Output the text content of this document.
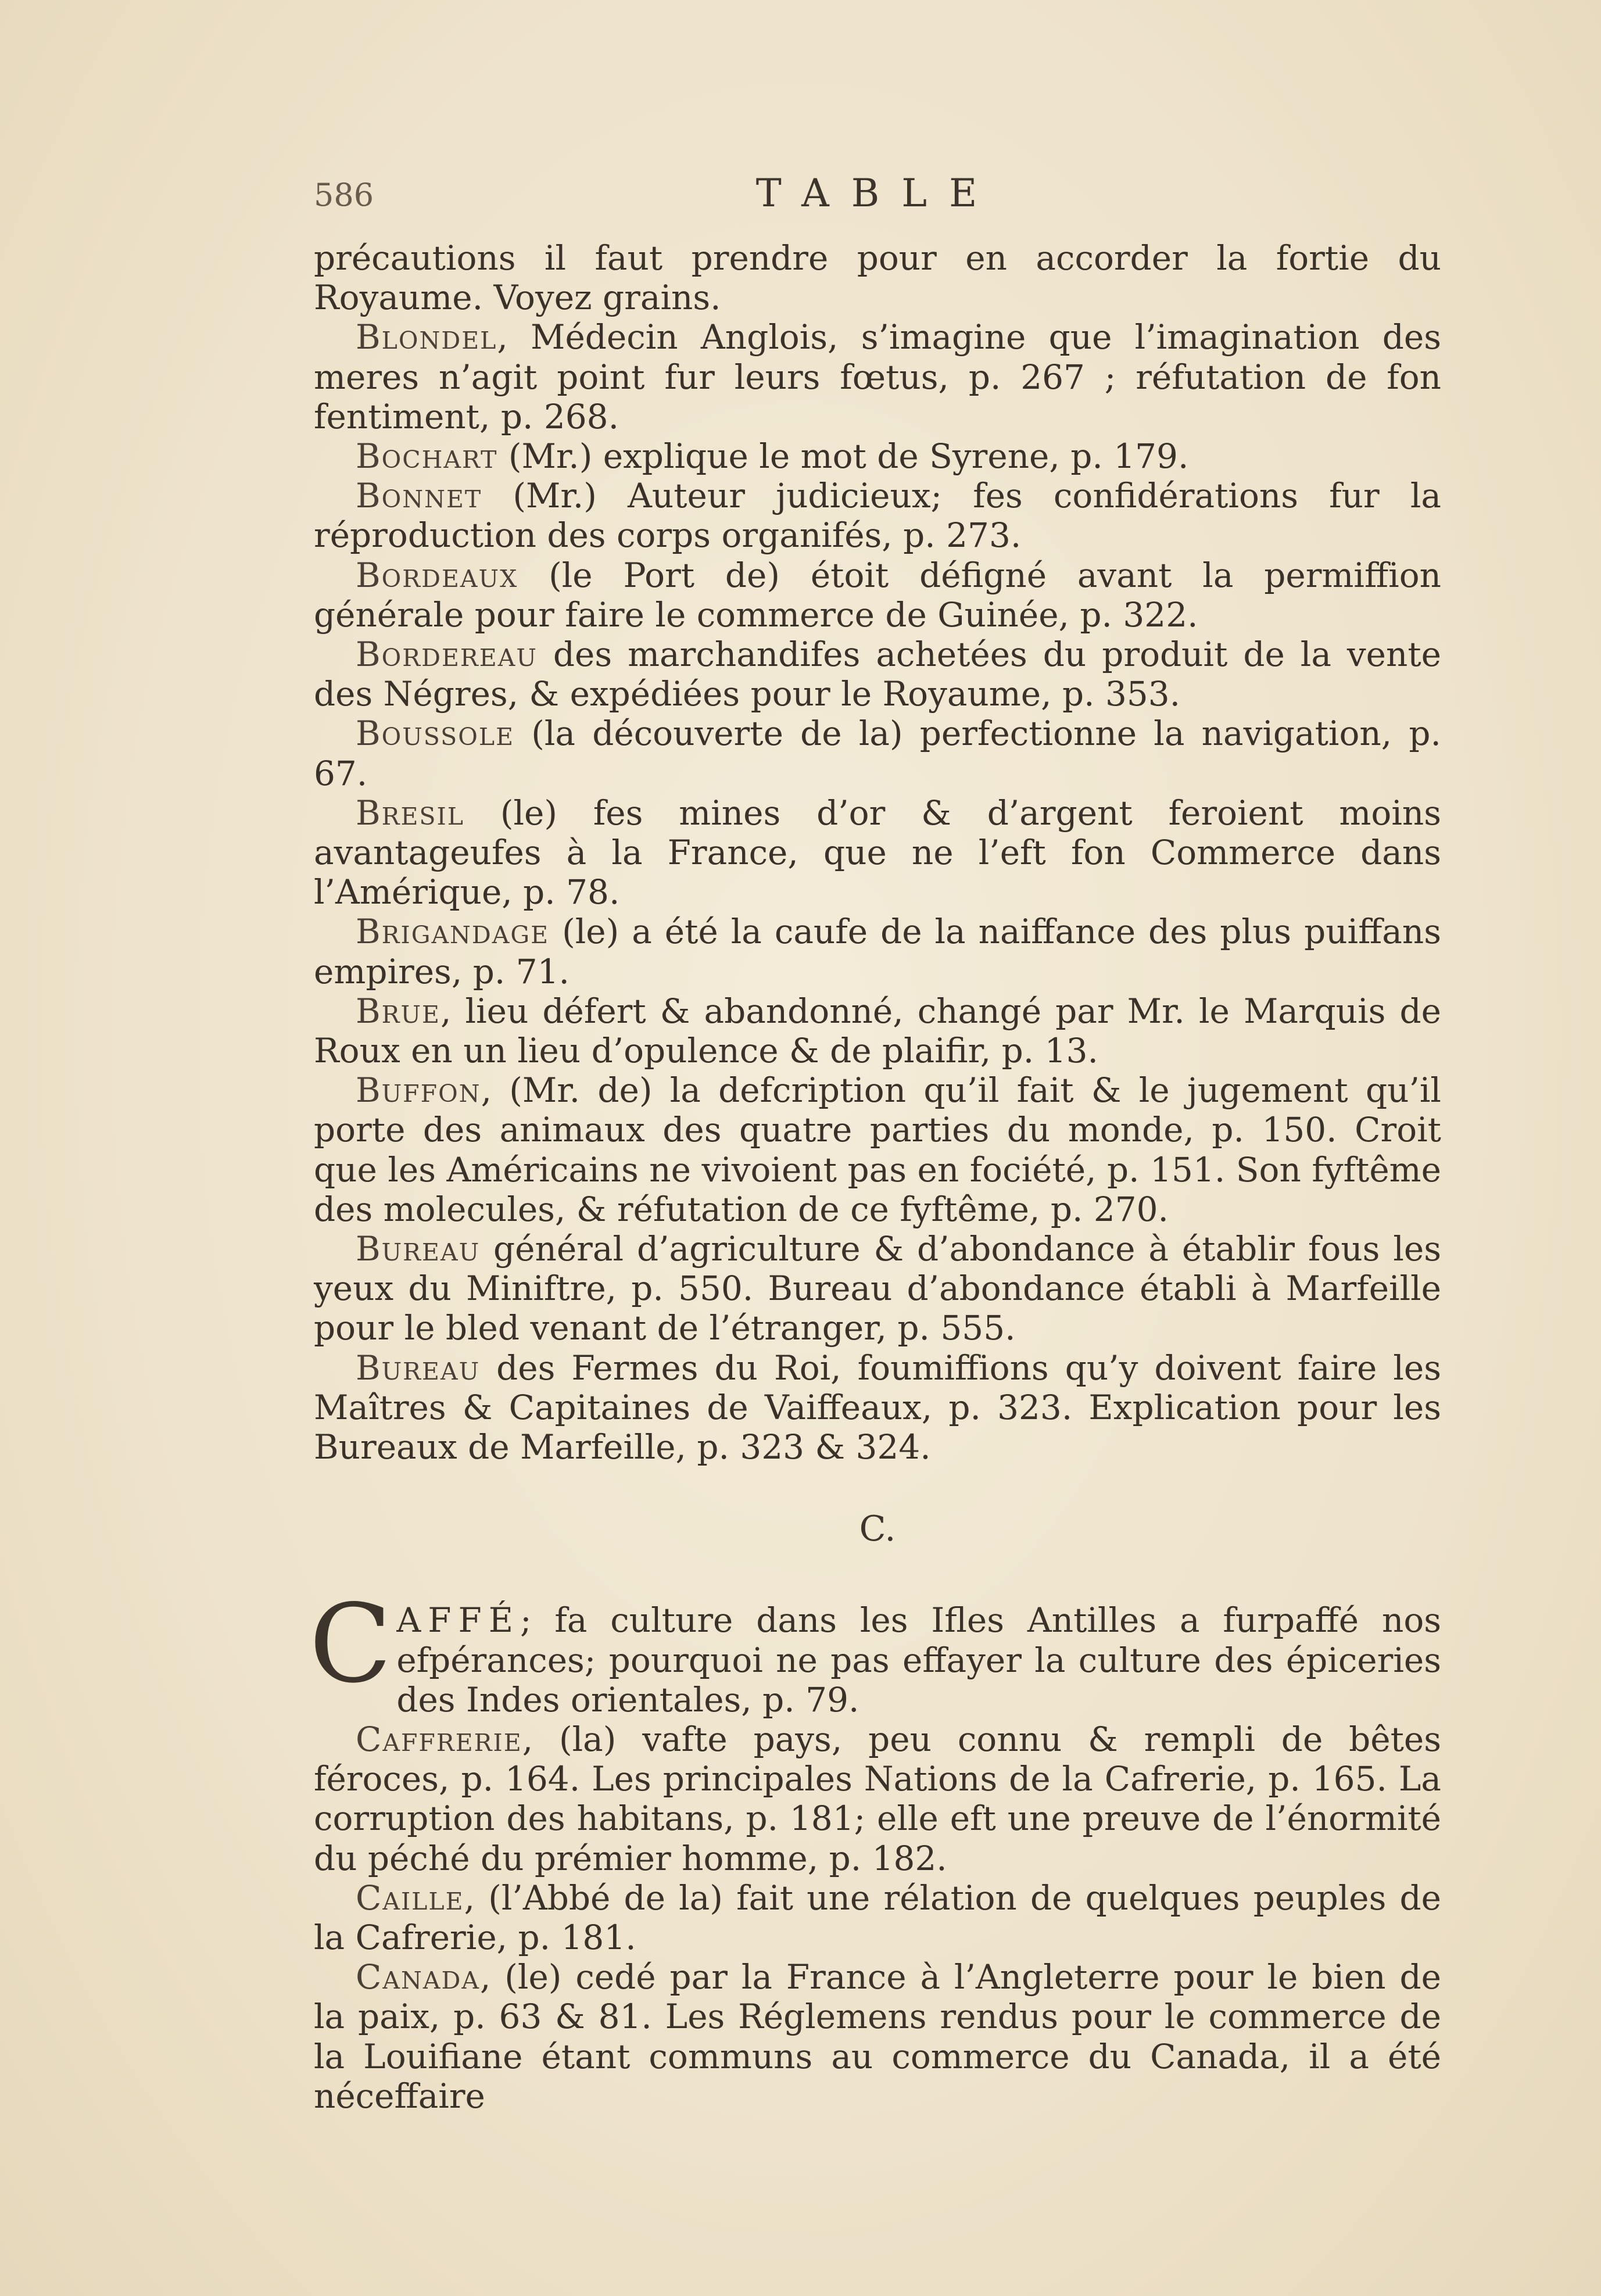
586	TABLE

précautions il faut prendre pour en accorder la fortie du Royaume. Voyez grains.

Blondel, Médecin Anglois, s’imagine que l’imagination des meres n’agit point fur leurs fœtus, p. 267 ; réfutation de fon fentiment, p. 268.

Bochart (Mr.) explique le mot de Syrene, p. 179.

Bonnet (Mr.) Auteur judicieux; fes confidérations fur la réproduction des corps organifés, p. 273.

Bordeaux (le Port de) étoit défigné avant la permiffion générale pour faire le commerce de Guinée, p. 322.

Bordereau des marchandifes achetées du produit de la vente des Négres, & expédiées pour le Royaume, p. 353.

Boussole (la découverte de la) perfectionne la navigation, p. 67.

Bresil (le) fes mines d’or & d’argent feroient moins avantageufes à la France, que ne l’eft fon Commerce dans l’Amérique, p. 78.

Brigandage (le) a été la caufe de la naiffance des plus puiffans empires, p. 71.

Brue, lieu défert & abandonné, changé par Mr. le Marquis de Roux en un lieu d’opulence & de plaifir, p. 13.

Buffon, (Mr. de) la defcription qu’il fait & le jugement qu’il porte des animaux des quatre parties du monde, p. 150. Croit que les Américains ne vivoient pas en fociété, p. 151. Son fyftême des molecules, & réfutation de ce fyftême, p. 270.

Bureau général d’agriculture & d’abondance à établir fous les yeux du Miniftre, p. 550. Bureau d’abondance établi à Marfeille pour le bled venant de l’étranger, p. 555.

Bureau des Fermes du Roi, foumiffions qu’y doivent faire les Maîtres & Capitaines de Vaiffeaux, p. 323. Explication pour les Bureaux de Marfeille, p. 323 & 324.

C.

CAFFÉ; fa culture dans les Ifles Antilles a furpaffé nos efpérances; pourquoi ne pas effayer la culture des épiceries des Indes orientales, p. 79.

Caffrerie, (la) vafte pays, peu connu & rempli de bêtes féroces, p. 164. Les principales Nations de la Cafrerie, p. 165. La corruption des habitans, p. 181; elle eft une preuve de l’énormité du péché du prémier homme, p. 182.

Caille, (l’Abbé de la) fait une rélation de quelques peuples de la Cafrerie, p. 181.

Canada, (le) cedé par la France à l’Angleterre pour le bien de la paix, p. 63 & 81. Les Réglemens rendus pour le commerce de la Louifiane étant communs au commerce du Canada, il a été néceffaire
